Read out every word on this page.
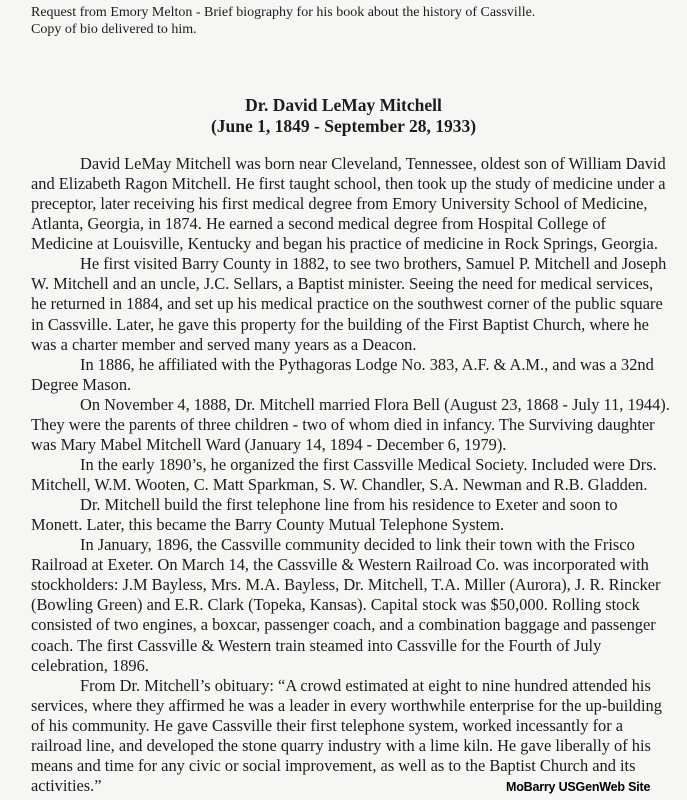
Request from Emory Melton - Brief biography for his book about the history of Cassville.
Copy of bio delivered to him.
Dr. David LeMay Mitchell
(June 1, 1849 - September 28, 1933)
David LeMay Mitchell was born near Cleveland, Tennessee, oldest son of William David
and Elizabeth Ragon Mitchell. He first taught school, then took up the study of medicine under a
preceptor, later receiving his first medical degree from Emory University School of Medicine,
Atlanta, Georgia, in 1874. He earned a second medical degree from Hospital College of
Medicine at Louisville, Kentucky and began his practice of medicine in Rock Springs, Georgia.
He first visited Barry County in 1882, to see two brothers, Samuel P. Mitchell and Joseph
W. Mitchell and an uncle, J.C. Sellars, a Baptist minister. Seeing the need for medical services,
he returned in 1884, and set up his medical practice on the southwest corner of the public square
in Cassville. Later, he gave this property for the building of the First Baptist Church, where he
was a charter member and served many years as a Deacon.
In 1886, he affiliated with the Pythagoras Lodge No. 383, A.F. & A.M., and was a 32nd
Degree Mason.
On November 4, 1888, Dr. Mitchell married Flora Bell (August 23, 1868 - July 11, 1944).
They were the parents of three children - two of whom died in infancy. The Surviving daughter
was Mary Mabel Mitchell Ward (January 14, 1894 - December 6, 1979).
In the early 1890’s, he organized the first Cassville Medical Society. Included were Drs.
Mitchell, W.M. Wooten, C. Matt Sparkman, S. W. Chandler, S.A. Newman and R.B. Gladden.
Dr. Mitchell build the first telephone line from his residence to Exeter and soon to
Monett. Later, this became the Barry County Mutual Telephone System.
In January, 1896, the Cassville community decided to link their town with the Frisco
Railroad at Exeter. On March 14, the Cassville & Western Railroad Co. was incorporated with
stockholders: J.M Bayless, Mrs. M.A. Bayless, Dr. Mitchell, T.A. Miller (Aurora), J. R. Rincker
(Bowling Green) and E.R. Clark (Topeka, Kansas). Capital stock was $50,000. Rolling stock
consisted of two engines, a boxcar, passenger coach, and a combination baggage and passenger
coach. The first Cassville & Western train steamed into Cassville for the Fourth of July
celebration, 1896.
From Dr. Mitchell’s obituary: “A crowd estimated at eight to nine hundred attended his
services, where they affirmed he was a leader in every worthwhile enterprise for the up-building
of his community. He gave Cassville their first telephone system, worked incessantly for a
railroad line, and developed the stone quarry industry with a lime kiln. He gave liberally of his
means and time for any civic or social improvement, as well as to the Baptist Church and its
activities.”	MoBarry USGenWeb Site
